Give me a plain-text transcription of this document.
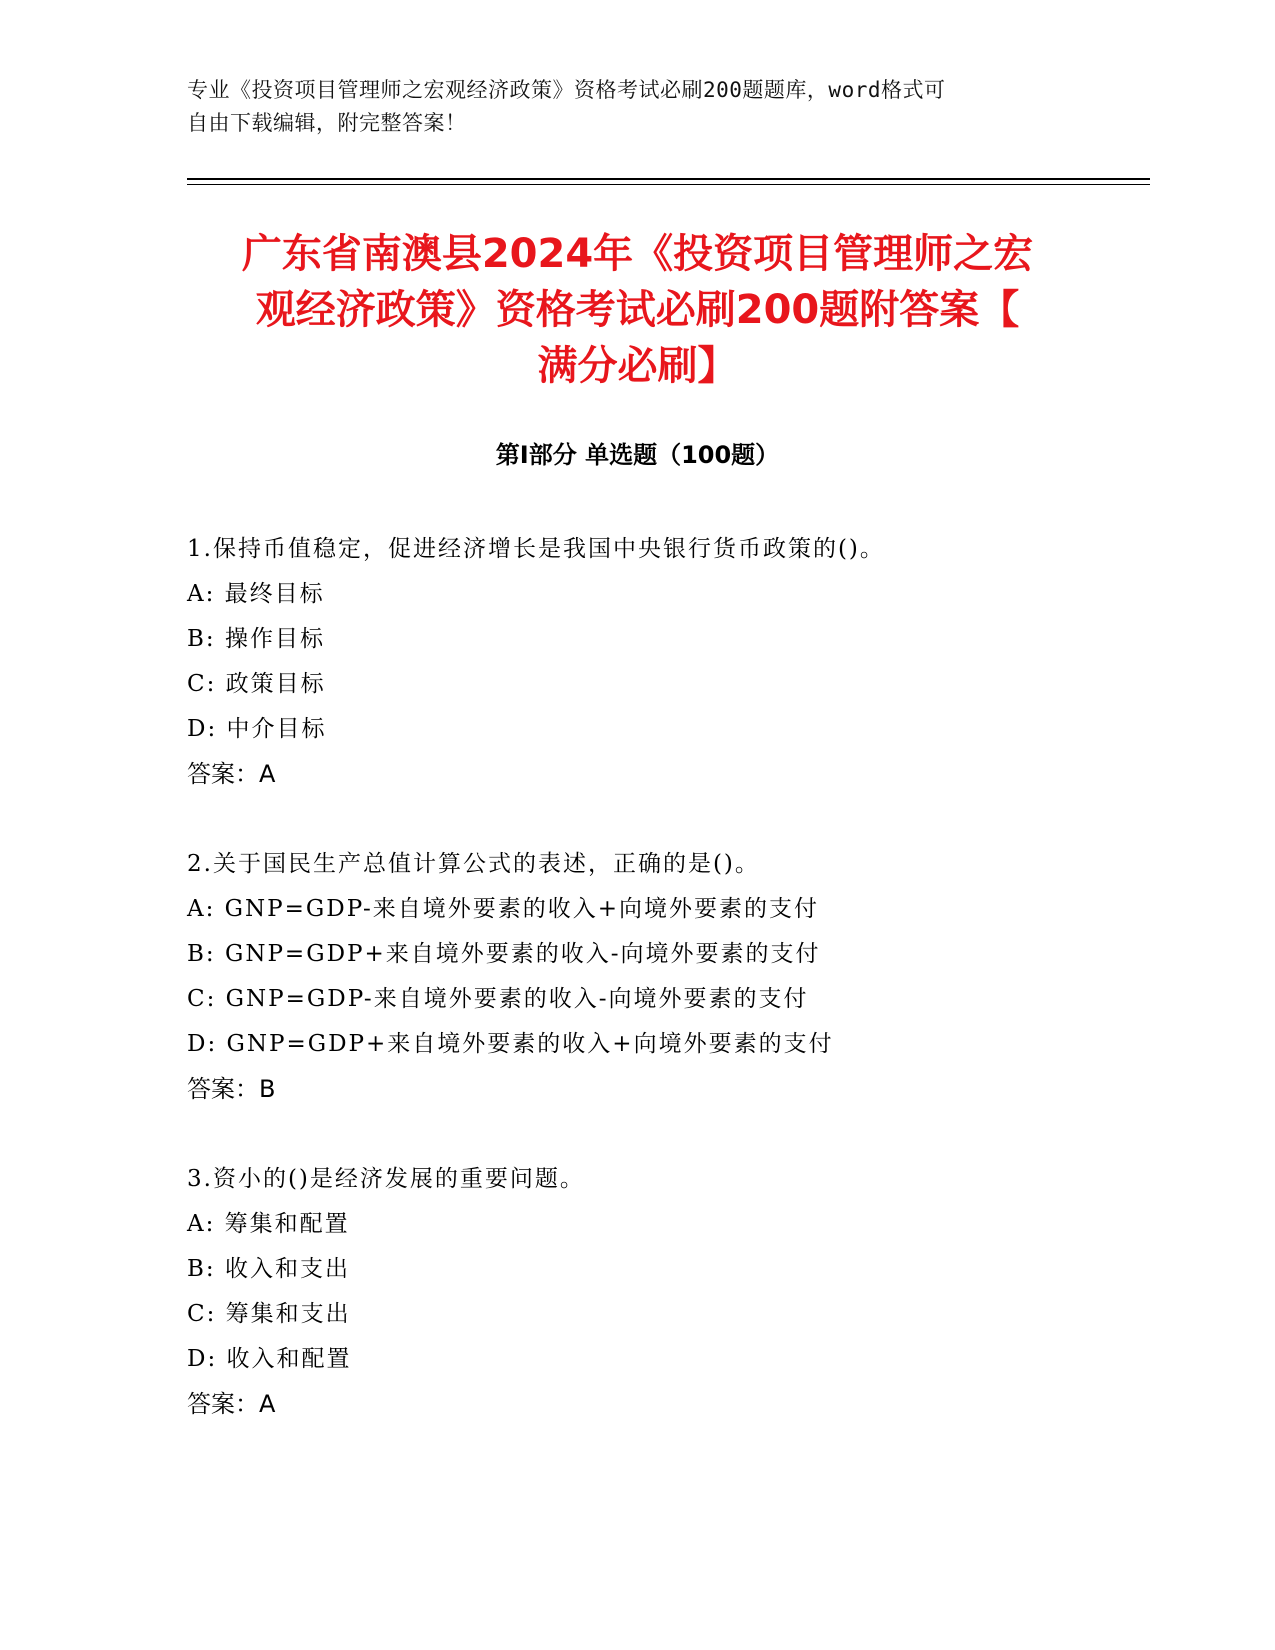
专业《投资项目管理师之宏观经济政策》资格考试必刷200题题库，word格式可
自由下载编辑，附完整答案！
广东省南澳县2024年《投资项目管理师之宏
观经济政策》资格考试必刷200题附答案【
满分必刷】
第Ⅰ部分 单选题（100题）
1.保持币值稳定，促进经济增长是我国中央银行货币政策的()。
A: 最终目标
B: 操作目标
C: 政策目标
D: 中介目标
答案：A
2.关于国民生产总值计算公式的表述，正确的是()。
A: GNP=GDP-来自境外要素的收入+向境外要素的支付
B: GNP=GDP+来自境外要素的收入-向境外要素的支付
C: GNP=GDP-来自境外要素的收入-向境外要素的支付
D: GNP=GDP+来自境外要素的收入+向境外要素的支付
答案：B
3.资小的()是经济发展的重要问题。
A: 筹集和配置
B: 收入和支出
C: 筹集和支出
D: 收入和配置
答案：A
